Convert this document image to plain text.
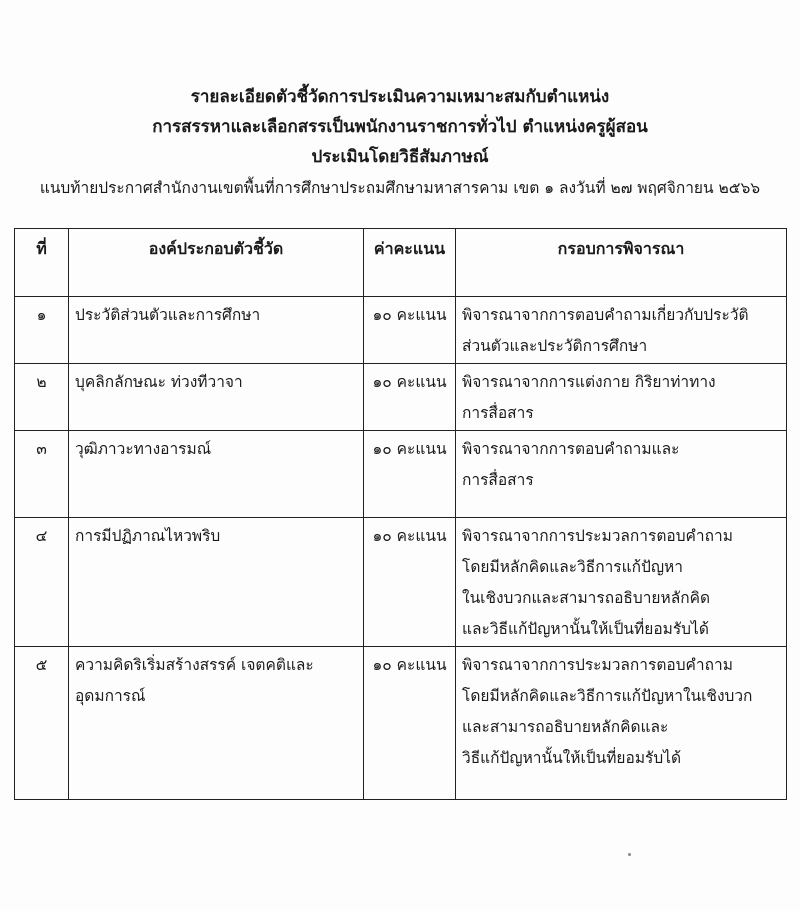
รายละเอียดตัวชี้วัดการประเมินความเหมาะสมกับตำแหน่ง
การสรรหาและเลือกสรรเป็นพนักงานราชการทั่วไป ตำแหน่งครูผู้สอน
ประเมินโดยวิธีสัมภาษณ์
แนบท้ายประกาศสำนักงานเขตพื้นที่การศึกษาประถมศึกษามหาสารคาม เขต ๑ ลงวันที่ ๒๗ พฤศจิกายน ๒๕๖๖
ที่	องค์ประกอบตัวชี้วัด	ค่าคะแนน	กรอบการพิจารณา
๑	ประวัติส่วนตัวและการศึกษา	๑๐ คะแนน	พิจารณาจากการตอบคำถามเกี่ยวกับประวัติ
ส่วนตัวและประวัติการศึกษา

๒	บุคลิกลักษณะ ท่วงทีวาจา	๑๐ คะแนน	พิจารณาจากการแต่งกาย กิริยาท่าทาง
การสื่อสาร

๓	วุฒิภาวะทางอารมณ์	๑๐ คะแนน	พิจารณาจากการตอบคำถามและ
การสื่อสาร

๔	การมีปฏิภาณไหวพริบ	๑๐ คะแนน	พิจารณาจากการประมวลการตอบคำถาม
โดยมีหลักคิดและวิธีการแก้ปัญหา
ในเชิงบวกและสามารถอธิบายหลักคิด
และวิธีแก้ปัญหานั้นให้เป็นที่ยอมรับได้

๕	ความคิดริเริ่มสร้างสรรค์ เจตคติและ
อุดมการณ์	๑๐ คะแนน	พิจารณาจากการประมวลการตอบคำถาม
โดยมีหลักคิดและวิธีการแก้ปัญหาในเชิงบวก
และสามารถอธิบายหลักคิดและ
วิธีแก้ปัญหานั้นให้เป็นที่ยอมรับได้
